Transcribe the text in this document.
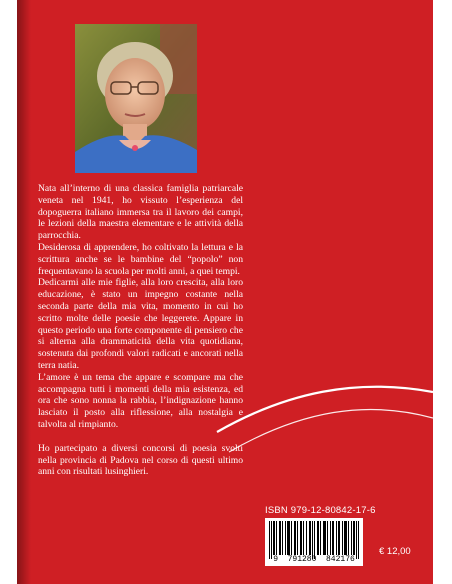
Nata all’interno di una classica famiglia patriarcale veneta nel 1941, ho vissuto l’esperienza del dopoguerra italiano immersa tra il lavoro dei campi, le lezioni della maestra elementare e le attività della parrocchia.

Desiderosa di apprendere, ho coltivato la lettura e la scrittura anche se le bambine del “popolo” non frequentavano la scuola per molti anni, a quei tempi.

Dedicarmi alle mie figlie, alla loro crescita, alla loro educazione, è stato un impegno costante nella seconda parte della mia vita, momento in cui ho scritto molte delle poesie che leggerete. Appare in questo periodo una forte componente di pensiero che si alterna alla drammaticità della vita quotidiana, sostenuta dai profondi valori radicati e ancorati nella terra natia.

L’amore è un tema che appare e scompare ma che accompagna tutti i momenti della mia esistenza, ed ora che sono nonna la rabbia, l’indignazione hanno lasciato il posto alla riflessione, alla nostalgia e talvolta al rimpianto.

Ho partecipato a diversi concorsi di poesia svolti nella provincia di Padova nel corso di questi ultimo anni con risultati lusinghieri.

ISBN 979-12-80842-17-6
9  791280  842176
€ 12,00
